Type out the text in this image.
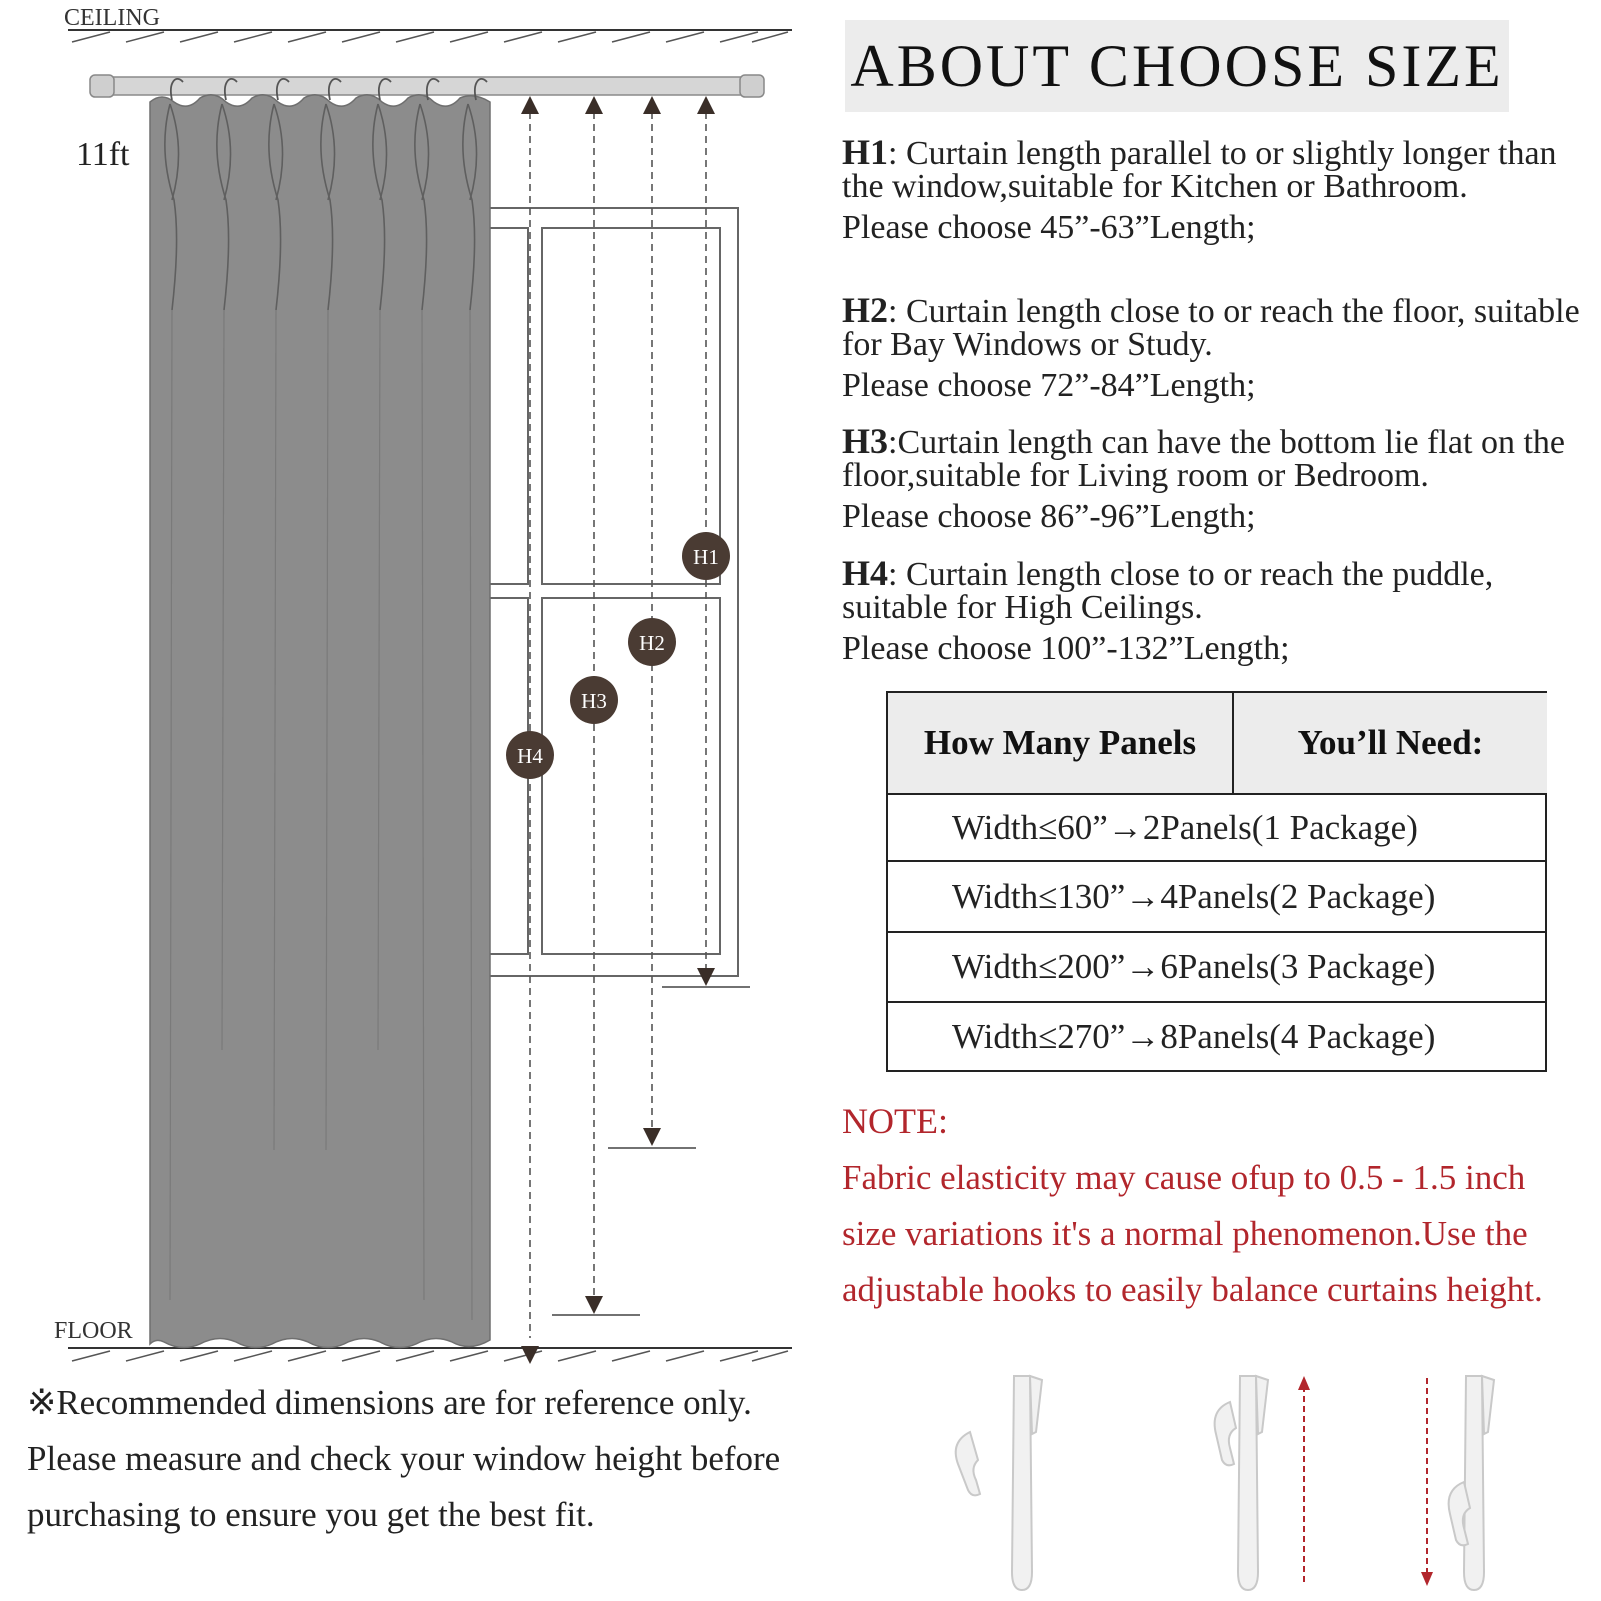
CEILING
FLOOR
11ft
H1
H2
H3
H4
ABOUT CHOOSE SIZE
H1: Curtain length parallel to or slightly longer than the window,suitable for Kitchen or Bathroom.
Please choose 45”-63”Length;
H2: Curtain length close to or reach the floor, suitable for Bay Windows or Study.
Please choose 72”-84”Length;
H3:Curtain length can have the bottom lie flat on the floor,suitable for Living room or Bedroom.
Please choose 86”-96”Length;
H4: Curtain length close to or reach the puddle, suitable for High Ceilings.
Please choose 100”-132”Length;
How Many Panels	You’ll Need:
Width≤60”→2Panels(1 Package)
Width≤130”→4Panels(2 Package)
Width≤200”→6Panels(3 Package)
Width≤270”→8Panels(4 Package)
NOTE:
Fabric elasticity may cause ofup to 0.5 - 1.5 inch size variations it's a normal phenomenon.Use the adjustable hooks to easily balance curtains height.
※Recommended dimensions are for reference only. Please measure and check your window height before purchasing to ensure you get the best fit.
